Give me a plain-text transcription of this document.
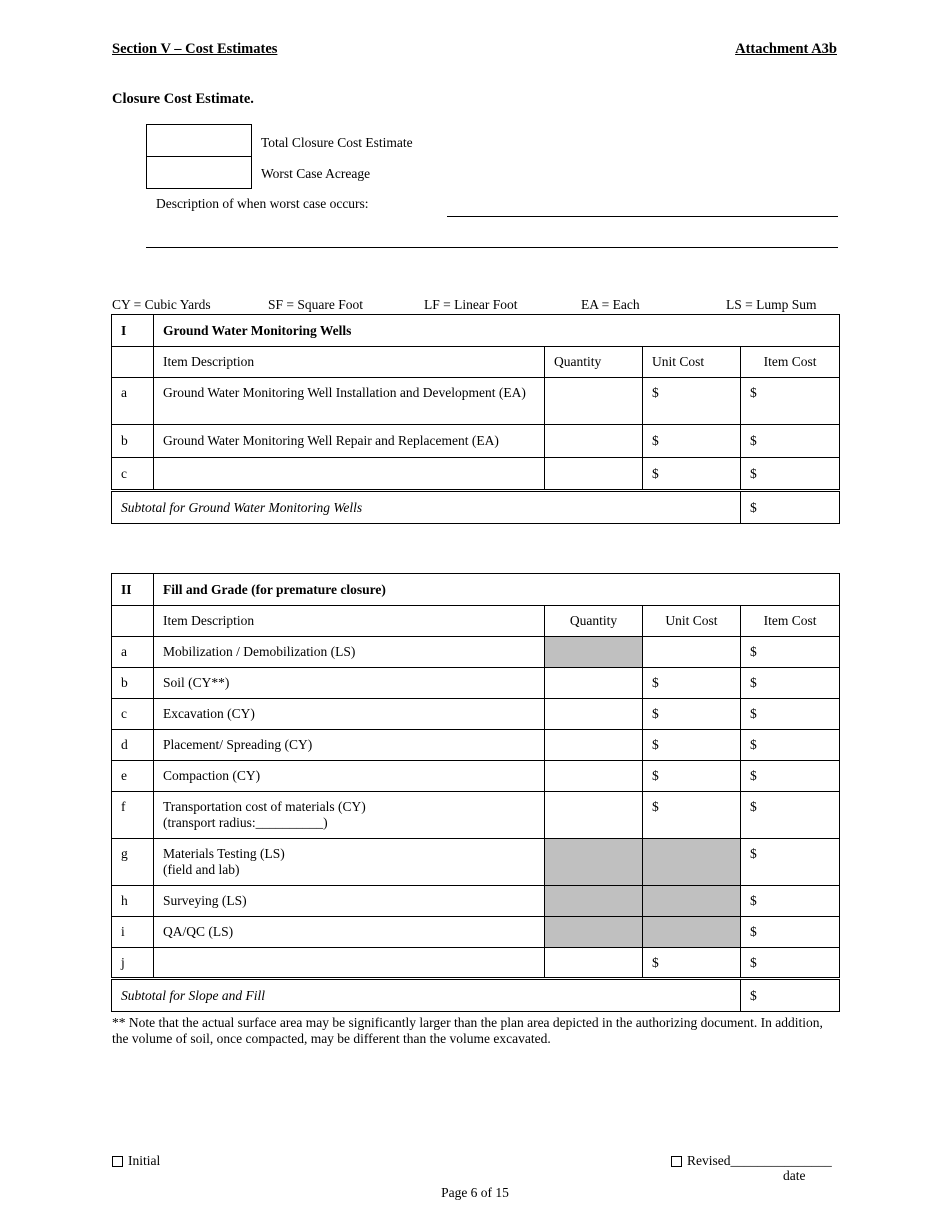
Section V – Cost Estimates	Attachment A3b
Closure Cost Estimate.
Total Closure Cost Estimate
Worst Case Acreage
Description of when worst case occurs:
CY = Cubic Yards	SF = Square Foot	LF = Linear Foot	EA = Each	LS = Lump Sum
I	Ground Water Monitoring Wells			
	Item Description	Quantity	Unit Cost	Item Cost
a	Ground Water Monitoring Well Installation and Development (EA)		$	$
b	Ground Water Monitoring Well Repair and Replacement (EA)		$	$
c			$	$
Subtotal for Ground Water Monitoring Wells				$
II	Fill and Grade (for premature closure)			
	Item Description	Quantity	Unit Cost	Item Cost
a	Mobilization / Demobilization (LS)			$
b	Soil (CY**)		$	$
c	Excavation (CY)		$	$
d	Placement/ Spreading (CY)		$	$
e	Compaction (CY)		$	$
f	Transportation cost of materials (CY)
(transport radius:__________)		$	$
g	Materials Testing (LS)
(field and lab)			$
h	Surveying (LS)			$
i	QA/QC (LS)			$
j			$	$
Subtotal for Slope and Fill				$
** Note that the actual surface area may be significantly larger than the plan area depicted in the authorizing document. In addition, the volume of soil, once compacted, may be different than the volume excavated.
Initial	Revised_______________
date
Page 6 of 15
